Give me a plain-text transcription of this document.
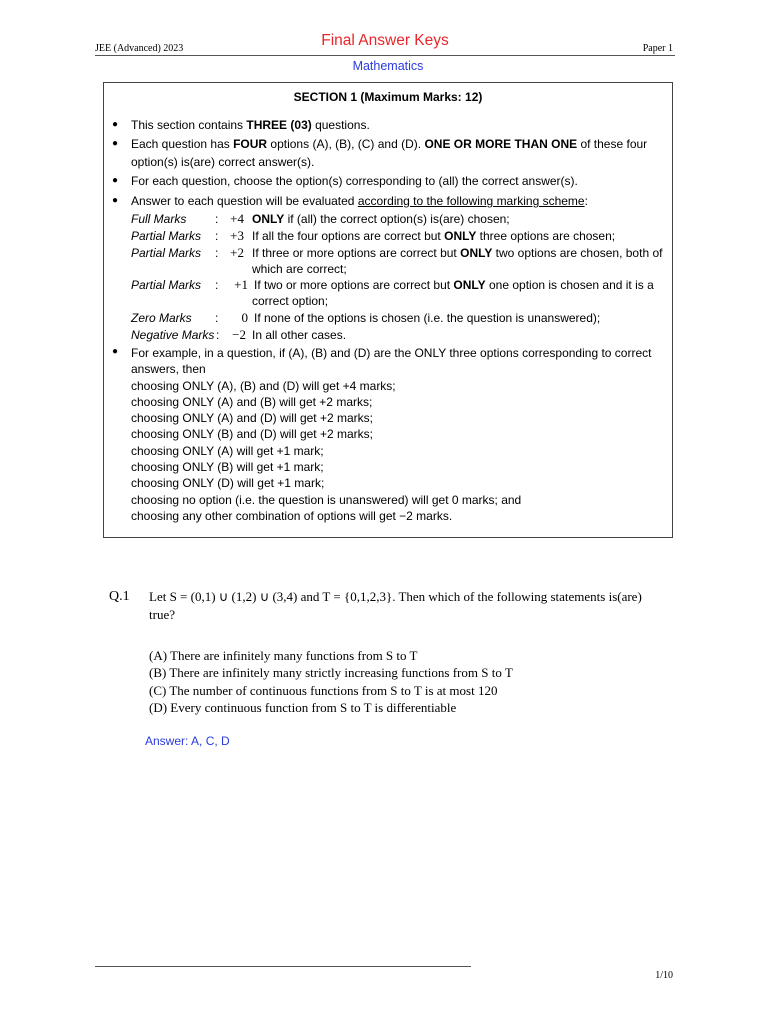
JEE (Advanced) 2023	Final Answer Keys	Paper 1
Mathematics
SECTION 1 (Maximum Marks: 12)
● This section contains THREE (03) questions.
● Each question has FOUR options (A), (B), (C) and (D). ONE OR MORE THAN ONE of these four
option(s) is(are) correct answer(s).
● For each question, choose the option(s) corresponding to (all) the correct answer(s).
● Answer to each question will be evaluated according to the following marking scheme:
Full Marks : +4 ONLY if (all) the correct option(s) is(are) chosen;
Partial Marks : +3 If all the four options are correct but ONLY three options are chosen;
Partial Marks : +2 If three or more options are correct but ONLY two options are chosen, both of
which are correct;
Partial Marks :	+1 If two or more options are correct but ONLY one option is chosen and it is a
correct option;
Zero Marks :	0 If none of the options is chosen (i.e. the question is unanswered);
Negative Marks : −2 In all other cases.
● For example, in a question, if (A), (B) and (D) are the ONLY three options corresponding to correct
answers, then
choosing ONLY (A), (B) and (D) will get +4 marks;
choosing ONLY (A) and (B) will get +2 marks;
choosing ONLY (A) and (D) will get +2 marks;
choosing ONLY (B) and (D) will get +2 marks;
choosing ONLY (A) will get +1 mark;
choosing ONLY (B) will get +1 mark;
choosing ONLY (D) will get +1 mark;
choosing no option (i.e. the question is unanswered) will get 0 marks; and
choosing any other combination of options will get −2 marks.
Q.1 Let S = (0,1) ∪ (1,2) ∪ (3,4) and T = {0,1,2,3}. Then which of the following statements is(are)
true?
(A) There are infinitely many functions from S to T
(B) There are infinitely many strictly increasing functions from S to T
(C) The number of continuous functions from S to T is at most 120
(D) Every continuous function from S to T is differentiable
Answer: A, C, D
1/10
